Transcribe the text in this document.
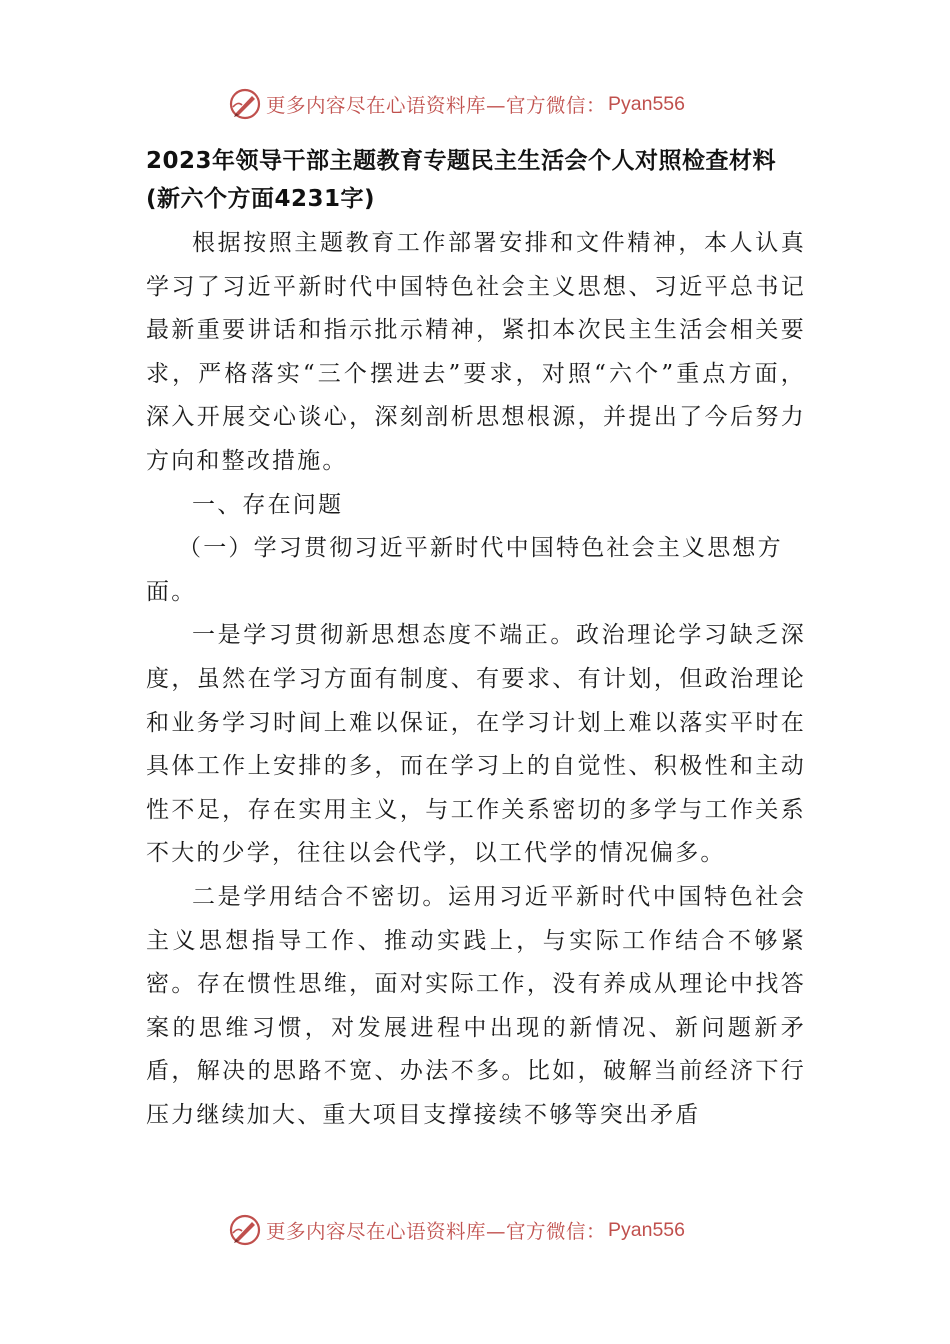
更多内容尽在心语资料库—官方微信： Pyan556
2023年领导干部主题教育专题民主生活会个人对照检查材料(新六个方面4231字)

根据按照主题教育工作部署安排和文件精神，本人认真学习了习近平新时代中国特色社会主义思想、习近平总书记最新重要讲话和指示批示精神，紧扣本次民主生活会相关要求，严格落实“三个摆进去”要求，对照“六个”重点方面，深入开展交心谈心，深刻剖析思想根源，并提出了今后努力方向和整改措施。

一、存在问题

（一）学习贯彻习近平新时代中国特色社会主义思想方面。

一是学习贯彻新思想态度不端正。政治理论学习缺乏深度，虽然在学习方面有制度、有要求、有计划，但政治理论和业务学习时间上难以保证，在学习计划上难以落实平时在具体工作上安排的多，而在学习上的自觉性、积极性和主动性不足，存在实用主义，与工作关系密切的多学与工作关系不大的少学，往往以会代学，以工代学的情况偏多。

二是学用结合不密切。运用习近平新时代中国特色社会主义思想指导工作、推动实践上，与实际工作结合不够紧密。存在惯性思维，面对实际工作，没有养成从理论中找答案的思维习惯，对发展进程中出现的新情况、新问题新矛盾，解决的思路不宽、办法不多。比如，破解当前经济下行压力继续加大、重大项目支撑接续不够等突出矛盾

更多内容尽在心语资料库—官方微信： Pyan556
